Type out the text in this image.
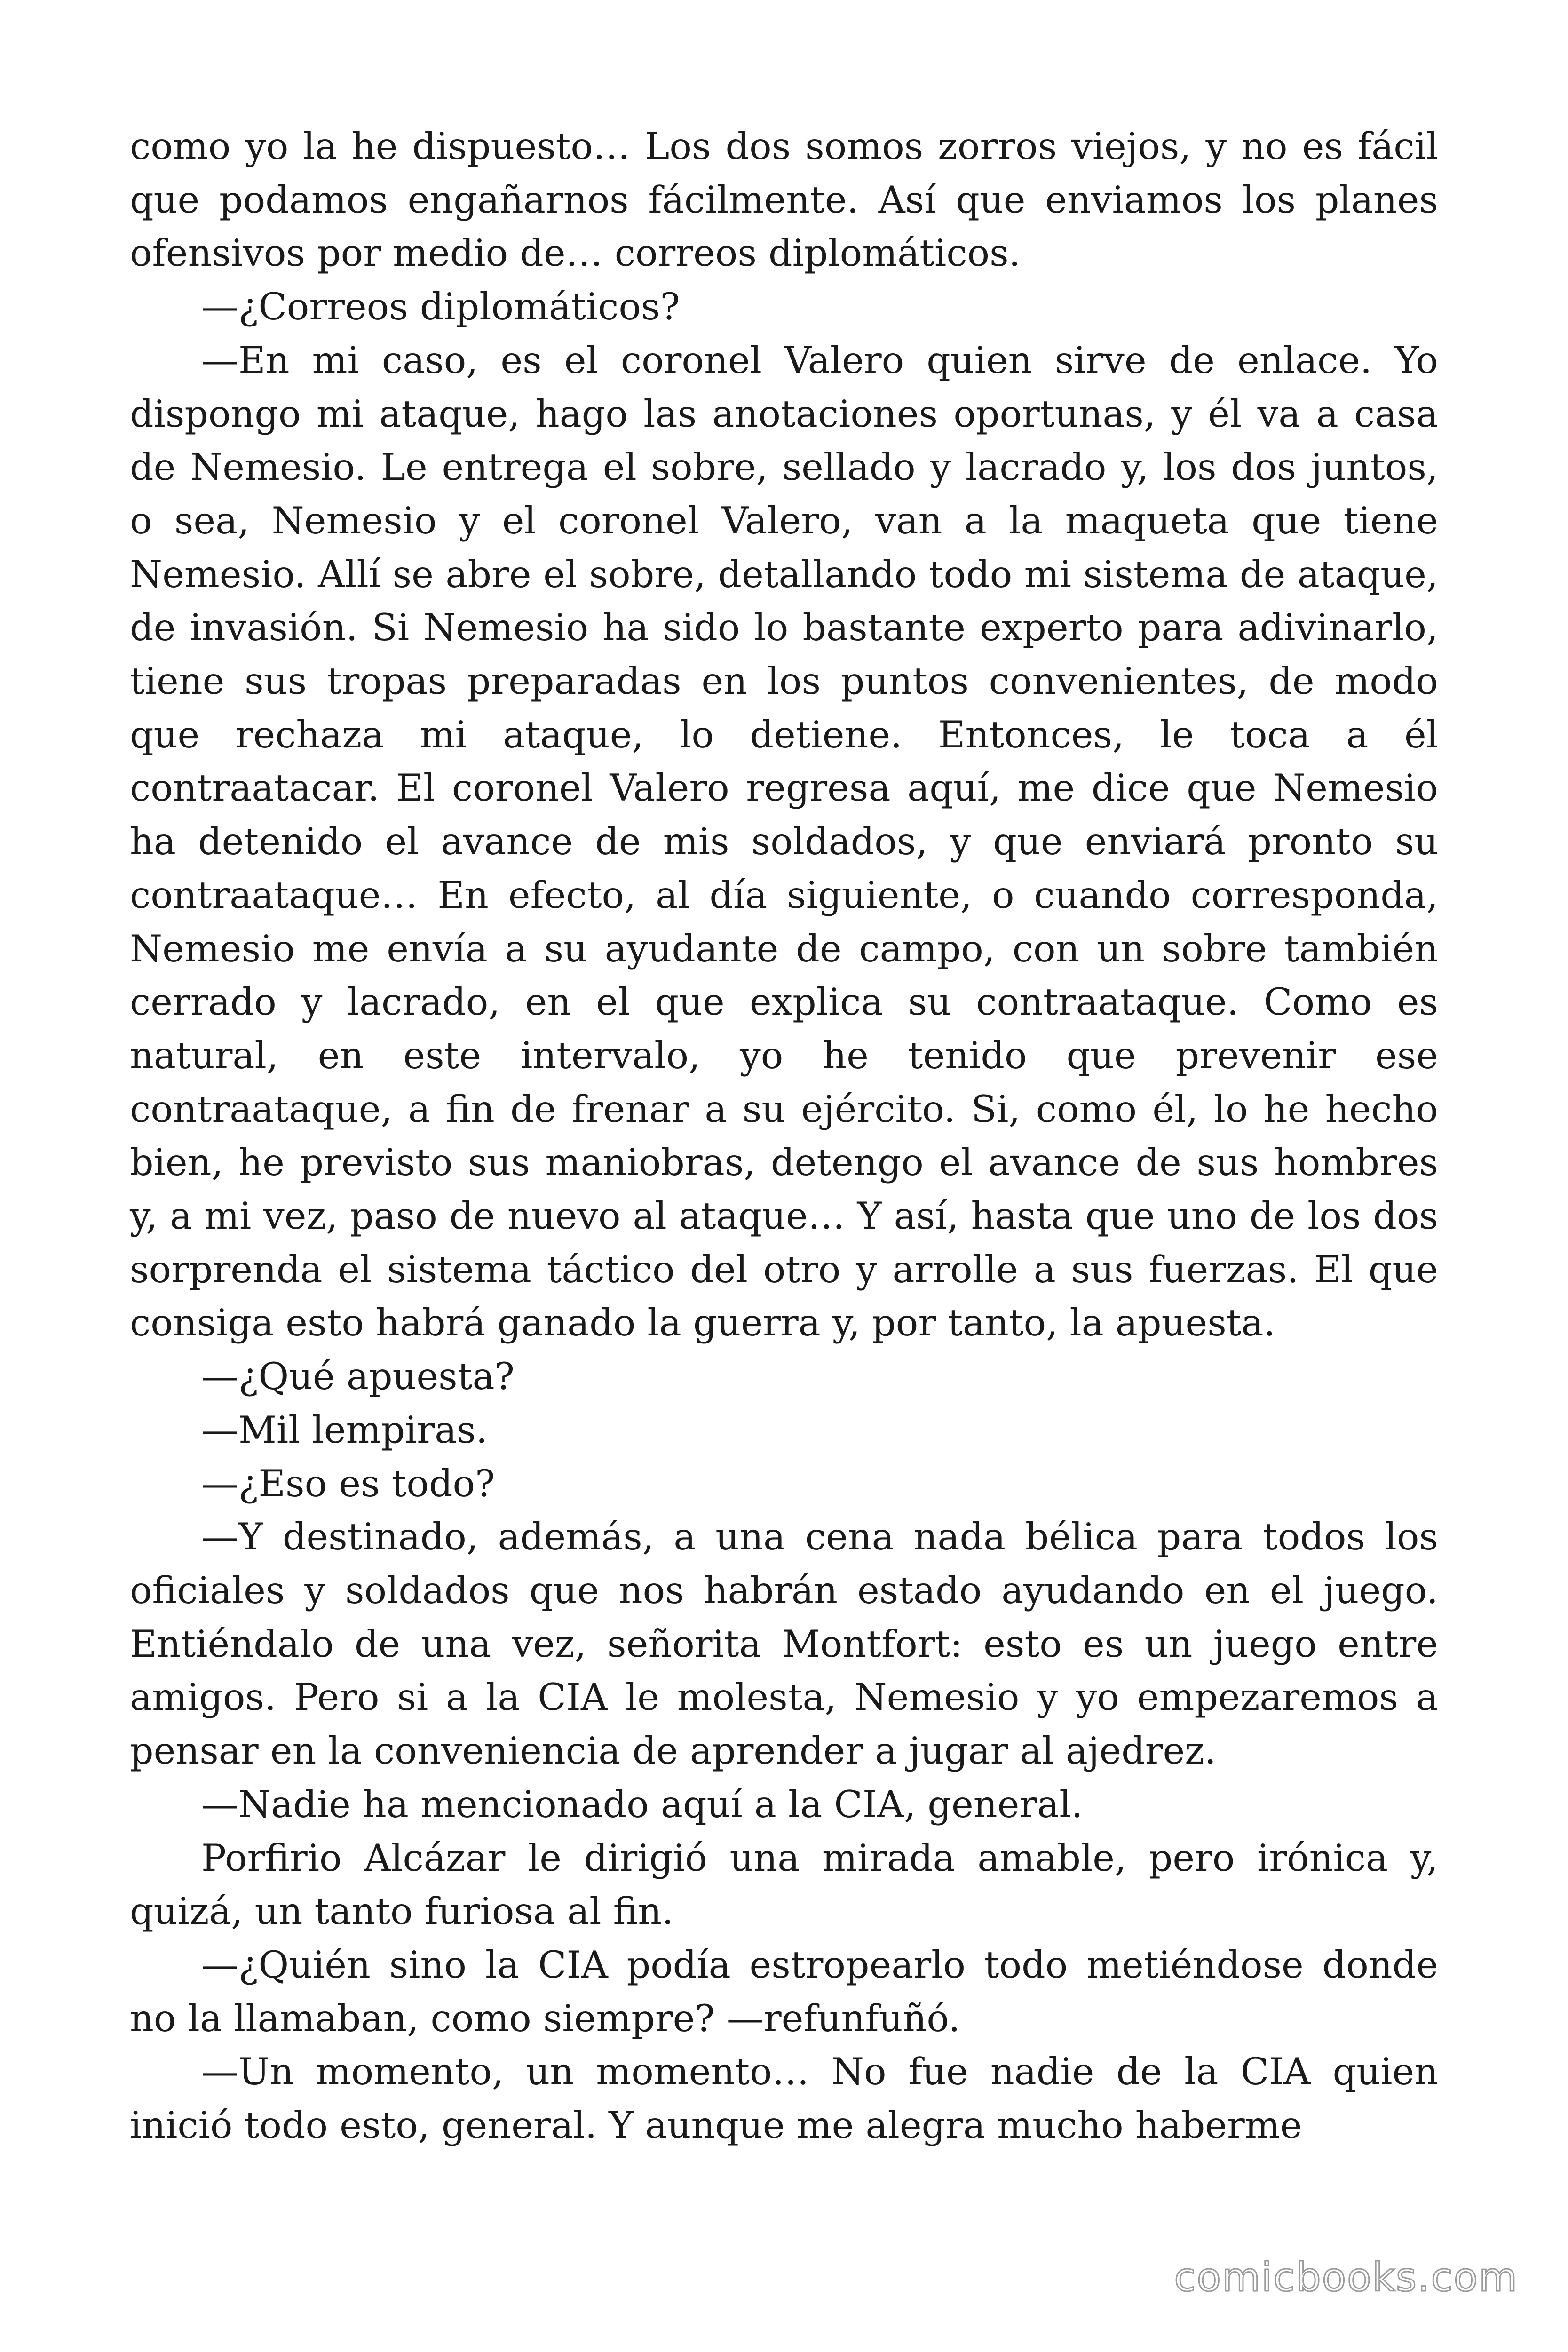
como yo la he dispuesto… Los dos somos zorros viejos, y no es fácil que podamos engañarnos fácilmente. Así que enviamos los planes ofensivos por medio de… correos diplomáticos.

—¿Correos diplomáticos?

—En mi caso, es el coronel Valero quien sirve de enlace. Yo dispongo mi ataque, hago las anotaciones oportunas, y él va a casa de Nemesio. Le entrega el sobre, sellado y lacrado y, los dos juntos, o sea, Nemesio y el coronel Valero, van a la maqueta que tiene Nemesio. Allí se abre el sobre, detallando todo mi sistema de ataque, de invasión. Si Nemesio ha sido lo bastante experto para adivinarlo, tiene sus tropas preparadas en los puntos convenientes, de modo que rechaza mi ataque, lo detiene. Entonces, le toca a él contraatacar. El coronel Valero regresa aquí, me dice que Nemesio ha detenido el avance de mis soldados, y que enviará pronto su contraataque… En efecto, al día siguiente, o cuando corresponda, Nemesio me envía a su ayudante de campo, con un sobre también cerrado y lacrado, en el que explica su contraataque. Como es natural, en este intervalo, yo he tenido que prevenir ese contraataque, a fin de frenar a su ejército. Si, como él, lo he hecho bien, he previsto sus maniobras, detengo el avance de sus hombres y, a mi vez, paso de nuevo al ataque… Y así, hasta que uno de los dos sorprenda el sistema táctico del otro y arrolle a sus fuerzas. El que consiga esto habrá ganado la guerra y, por tanto, la apuesta.

—¿Qué apuesta?

—Mil lempiras.

—¿Eso es todo?

—Y destinado, además, a una cena nada bélica para todos los oficiales y soldados que nos habrán estado ayudando en el juego. Entiéndalo de una vez, señorita Montfort: esto es un juego entre amigos. Pero si a la CIA le molesta, Nemesio y yo empezaremos a pensar en la conveniencia de aprender a jugar al ajedrez.

—Nadie ha mencionado aquí a la CIA, general.

Porfirio Alcázar le dirigió una mirada amable, pero irónica y, quizá, un tanto furiosa al fin.

—¿Quién sino la CIA podía estropearlo todo metiéndose donde no la llamaban, como siempre? —refunfuñó.

—Un momento, un momento… No fue nadie de la CIA quien inició todo esto, general. Y aunque me alegra mucho haberme

comicbooks.com
